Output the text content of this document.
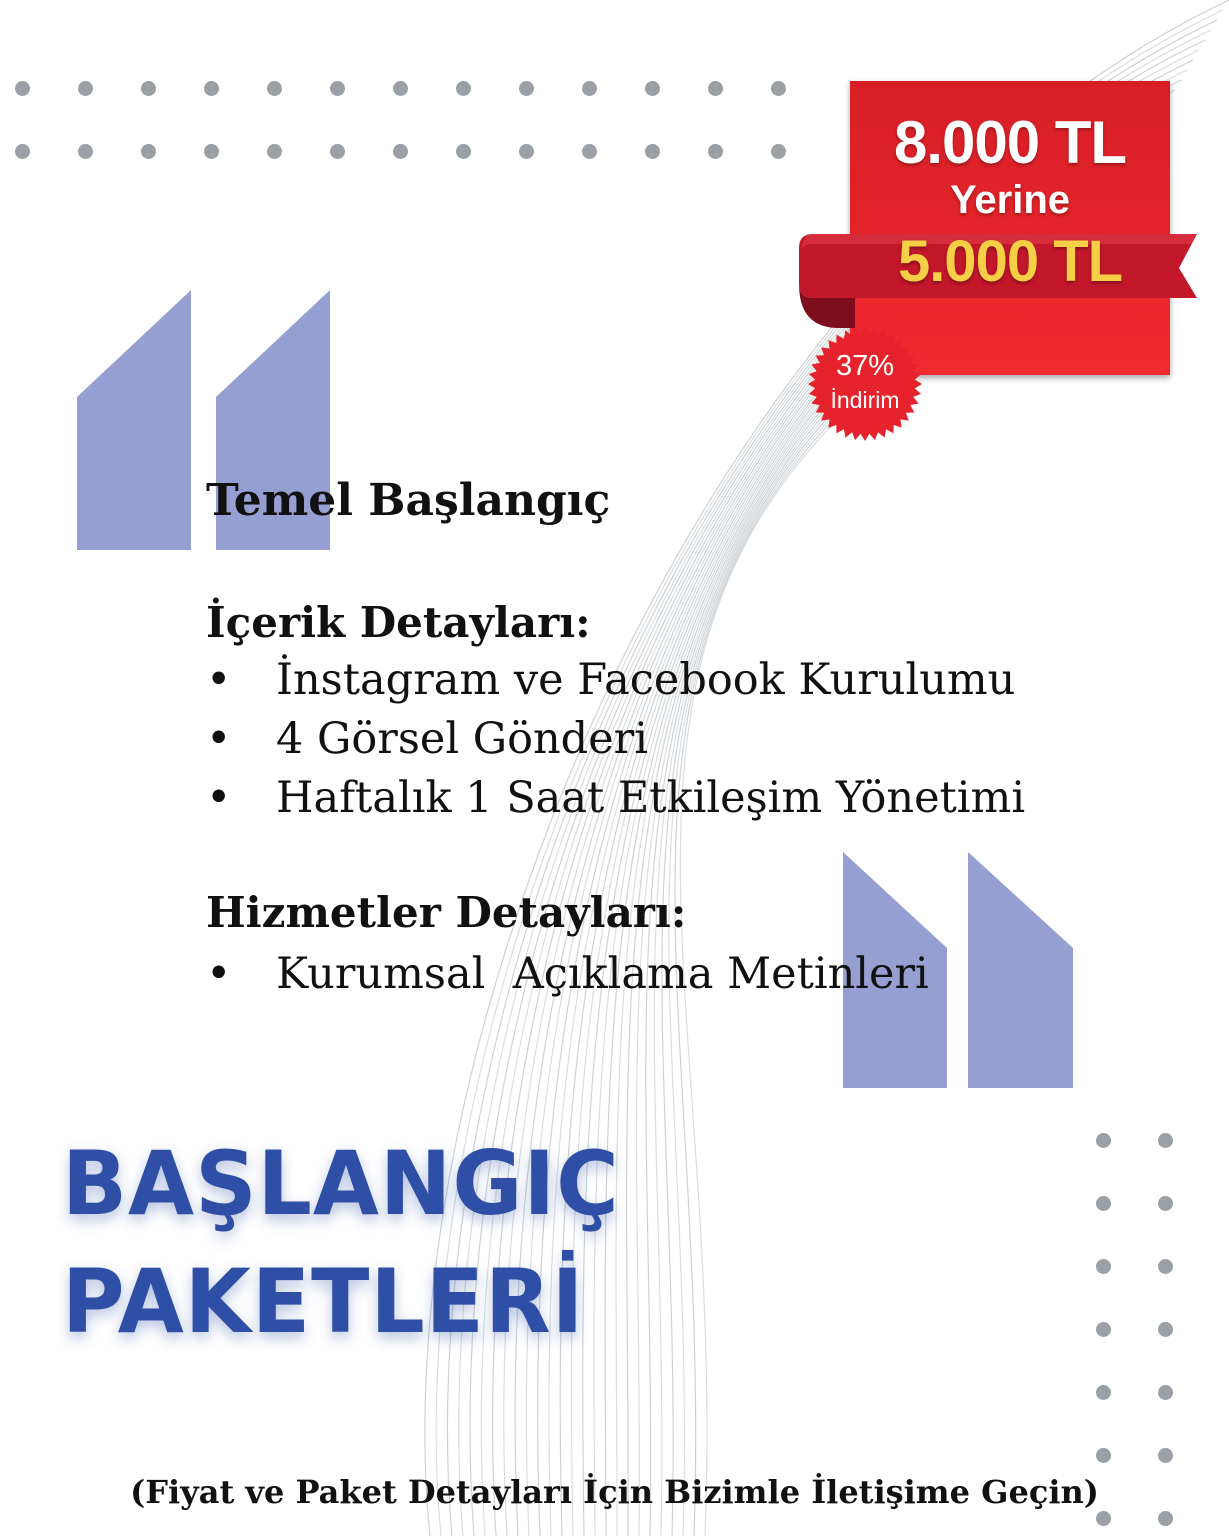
8.000 TL
Yerine
5.000 TL
37%
İndirim
Temel Başlangıç
İçerik Detayları:
• İnstagram ve Facebook Kurulumu
• 4 Görsel Gönderi
• Haftalık 1 Saat Etkileşim Yönetimi
Hizmetler Detayları:
• Kurumsal  Açıklama Metinleri
BAŞLANGIÇ
PAKETLERİ
(Fiyat ve Paket Detayları İçin Bizimle İletişime Geçin)
